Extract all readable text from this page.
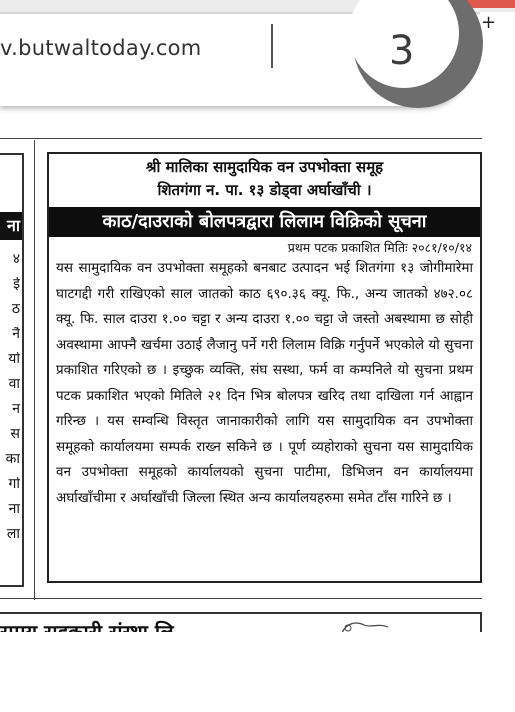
v.butwaltoday.com	3
+
ना
४
ई
ठ
नै
यो
वा
न
स
का
गो
ना
ला
श्री मालिका सामुदायिक वन उपभोक्ता समूह
शितगंगा न. पा. १३ डोड्वा अर्घाखाँची ।
काठ/दाउराको बोलपत्रद्वारा लिलाम विक्रिको सूचना
प्रथम पटक प्रकाशित मितिः २०८१/१०/१४
यस सामुदायिक वन उपभोक्ता समूहको बनबाट उत्पादन भई शितगंगा १३ जोगीमारेमा घाटगद्दी गरी राखिएको साल जातको काठ ६९०.३६ क्यू. फि., अन्य जातको ४७२.०८ क्यू. फि. साल दाउरा १.०० चट्टा र अन्य दाउरा १.०० चट्टा जे जस्तो अबस्थामा छ सोही अवस्थामा आफ्नै खर्चमा उठाई लैजानु पर्ने गरी लिलाम विक्रि गर्नुपर्ने भएकोले यो सुचना प्रकाशित गरिएको छ । इच्छुक व्यक्ति, संघ सस्था, फर्म वा कम्पनिले यो सुचना प्रथम पटक प्रकाशित भएको मितिले २१ दिन भित्र बोलपत्र खरिद तथा दाखिला गर्न आह्वान गरिन्छ । यस सम्वन्धि विस्तृत जानाकारीको लागि यस सामुदायिक वन उपभोक्ता समूहको कार्यालयमा सम्पर्क राख्न सकिने छ । पूर्ण व्यहोराको सुचना यस सामुदायिक वन उपभोक्ता समूहको कार्यालयको सुचना पाटीमा, डिभिजन वन कार्यालयमा अर्घाखाँचीमा र अर्घाखाँची जिल्ला स्थित अन्य कार्यालयहरुमा समेत टाँस गारिने छ ।
